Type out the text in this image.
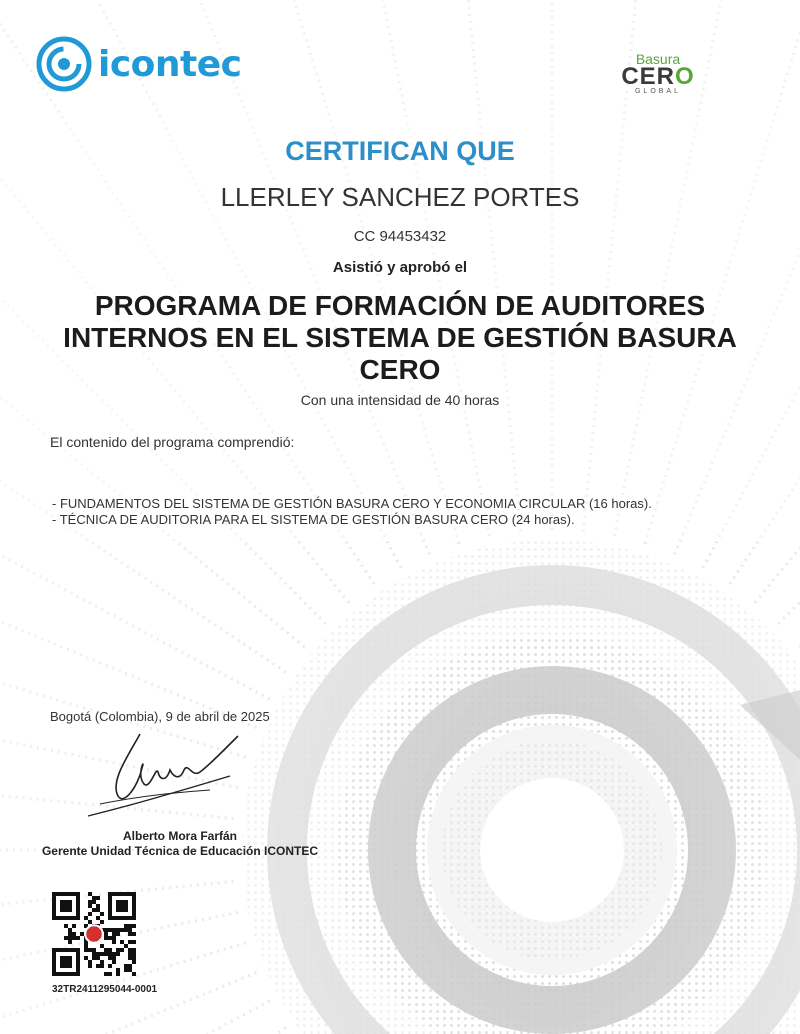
icontec	Basura
CERO
GLOBAL
CERTIFICAN QUE
LLERLEY SANCHEZ PORTES
CC 94453432
Asistió y aprobó el
PROGRAMA DE FORMACIÓN DE AUDITORES INTERNOS EN EL SISTEMA DE GESTIÓN BASURA CERO
Con una intensidad de 40 horas
El contenido del programa comprendió:
- FUNDAMENTOS DEL SISTEMA DE GESTIÓN BASURA CERO Y ECONOMIA CIRCULAR (16 horas).
- TÉCNICA DE AUDITORIA PARA EL SISTEMA DE GESTIÓN BASURA CERO (24 horas).
Bogotá (Colombia), 9 de abril de 2025
Alberto Mora Farfán
Gerente Unidad Técnica de Educación ICONTEC
32TR2411295044-0001
